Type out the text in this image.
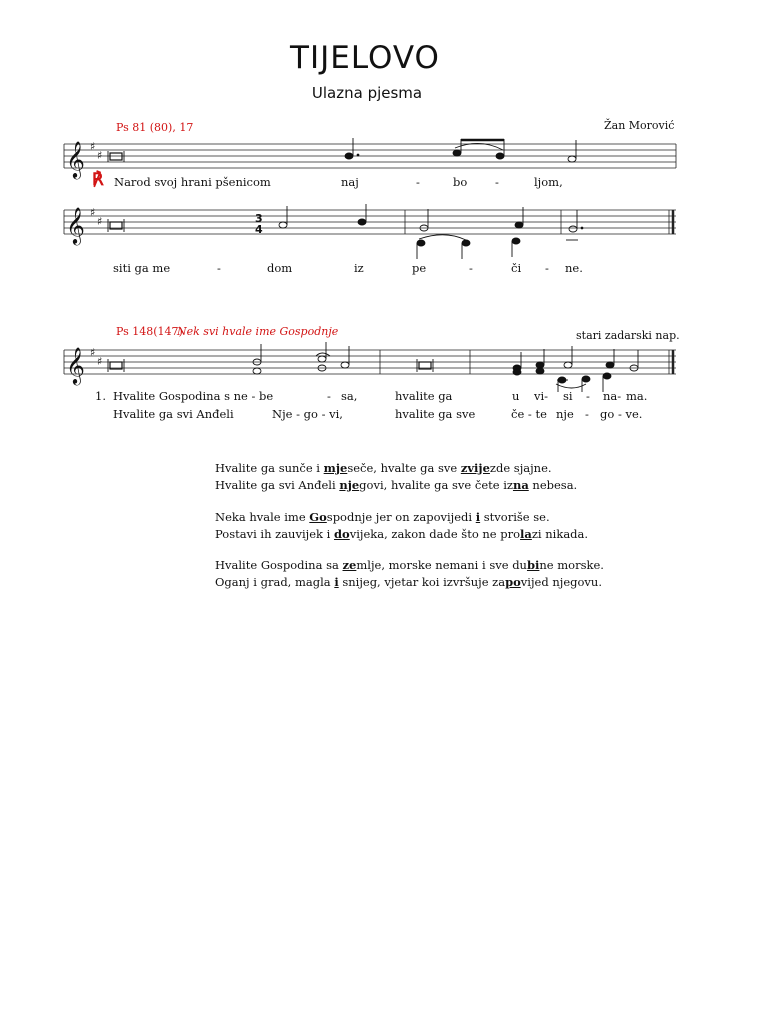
TIJELOVO
Ulazna pjesma
Ps 81 (80), 17	Žan Morović
𝄞
𝄞
𝄞
♯
♯
♯
♯
♯
♯
3
4
℟ Narod svoj hrani pšenicom	naj	-	bo -	ljom,
siti ga me	-	dom	iz	pe	-	či - ne.
Ps 148(147)
Nek svi hvale ime Gospodnje	stari zadarski nap.
1. Hvalite Gospodina s ne - be	- sa,	hvalite ga	u vi- si - na- ma.
Hvalite ga svi Anđeli	Nje - go - vi,	hvalite ga sve	če - te nje - go - ve.
Hvalite ga sunče i mjeseče, hvalte ga sve zvijezde sjajne.
Hvalite ga svi Anđeli njegovi, hvalite ga sve čete izna nebesa.
Neka hvale ime Gospodnje jer on zapovijedi i stvoriše se.
Postavi ih zauvijek i dovijeka, zakon dade što ne prolazi nikada.
Hvalite Gospodina sa zemlje, morske nemani i sve dubine morske.
Oganj i grad, magla i snijeg, vjetar koi izvršuje zapovijed njegovu.
